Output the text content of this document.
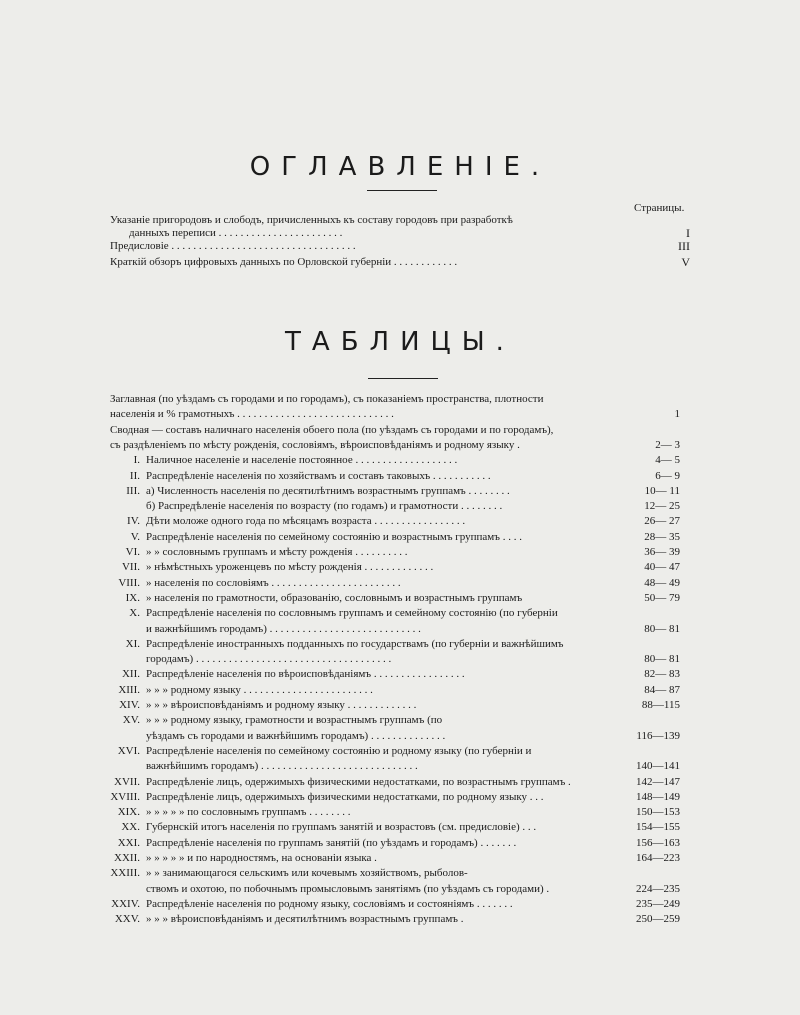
ОГЛАВЛЕНІЕ.
Страницы.
Указаніе пригородовъ и слободъ, причисленныхъ къ составу городовъ при разработкѣ
данныхъ переписи . . . . . . . . . . . . . . . . . . . . . . .	I
Предисловіе . . . . . . . . . . . . . . . . . . . . . . . . . . . . . . . . . .	III
Краткій обзоръ цифровыхъ данныхъ по Орловской губерніи . . . . . . . . . . . .	V
ТАБЛИЦЫ.
Заглавная (по уѣздамъ съ городами и по городамъ), съ показаніемъ пространства, плотности
населенія и % грамотныхъ . . . . . . . . . . . . . . . . . . . . . . . . . . . . .	1
Сводная — составъ наличнаго населенія обоего пола (по уѣздамъ съ городами и по городамъ),
съ раздѣленіемъ по мѣсту рожденія, сословіямъ, вѣроисповѣданіямъ и родному языку .	2— 3
I. Наличное населеніе и населеніе постоянное . . . . . . . . . . . . . . . . . . .	4— 5
II. Распредѣленіе населенія по хозяйствамъ и составъ таковыхъ . . . . . . . . . . .	6— 9
III. а) Численность населенія по десятилѣтнимъ возрастнымъ группамъ . . . . . . . .	10— 11
б) Распредѣленіе населенія по возрасту (по годамъ) и грамотности . . . . . . . .	12— 25
IV. Дѣти моложе одного года по мѣсяцамъ возраста . . . . . . . . . . . . . . . . .	26— 27
V. Распредѣленіе населенія по семейному состоянію и возрастнымъ группамъ . . . .	28— 35
VI. » » сословнымъ группамъ и мѣсту рожденія . . . . . . . . . .	36— 39
VII. » нѣмѣстныхъ уроженцевъ по мѣсту рожденія . . . . . . . . . . . . .	40— 47
VIII. » населенія по сословіямъ . . . . . . . . . . . . . . . . . . . . . . . .	48— 49
IX. » населенія по грамотности, образованію, сословнымъ и возрастнымъ группамъ	50— 79
X. Распредѣленіе населенія по сословнымъ группамъ и семейному состоянію (по губерніи
и важнѣйшимъ городамъ) . . . . . . . . . . . . . . . . . . . . . . . . . . . .	80— 81
XI. Распредѣленіе иностранныхъ подданныхъ по государствамъ (по губерніи и важнѣйшимъ
городамъ) . . . . . . . . . . . . . . . . . . . . . . . . . . . . . . . . . . . .	80— 81
XII. Распредѣленіе населенія по вѣроисповѣданіямъ . . . . . . . . . . . . . . . . .	82— 83
XIII. » » » родному языку . . . . . . . . . . . . . . . . . . . . . . . .	84— 87
XIV. » » » вѣроисповѣданіямъ и родному языку . . . . . . . . . . . . .	88—115
XV. » » » родному языку, грамотности и возрастнымъ группамъ (по
уѣздамъ съ городами и важнѣйшимъ городамъ) . . . . . . . . . . . . . .	116—139
XVI. Распредѣленіе населенія по семейному состоянію и родному языку (по губерніи и
важнѣйшимъ городамъ) . . . . . . . . . . . . . . . . . . . . . . . . . . . . .	140—141
XVII. Распредѣленіе лицъ, одержимыхъ физическими недостатками, по возрастнымъ группамъ .	142—147
XVIII. Распредѣленіе лицъ, одержимыхъ физическими недостатками, по родному языку . . .	148—149
XIX. » » » » » по сословнымъ группамъ . . . . . . . .	150—153
XX. Губернскій итогъ населенія по группамъ занятій и возрастовъ (см. предисловіе) . . .	154—155
XXI. Распредѣленіе населенія по группамъ занятій (по уѣздамъ и городамъ) . . . . . . .	156—163
XXII. » » » » » и по народностямъ, на основаніи языка .	164—223
XXIII. » » занимающагося сельскимъ или кочевымъ хозяйствомъ, рыболов-
ствомъ и охотою, по побочнымъ промысловымъ занятіямъ (по уѣздамъ съ городами) .	224—235
XXIV. Распредѣленіе населенія по родному языку, сословіямъ и состояніямъ . . . . . . .	235—249
XXV. » » » вѣроисповѣданіямъ и десятилѣтнимъ возрастнымъ группамъ .	250—259
